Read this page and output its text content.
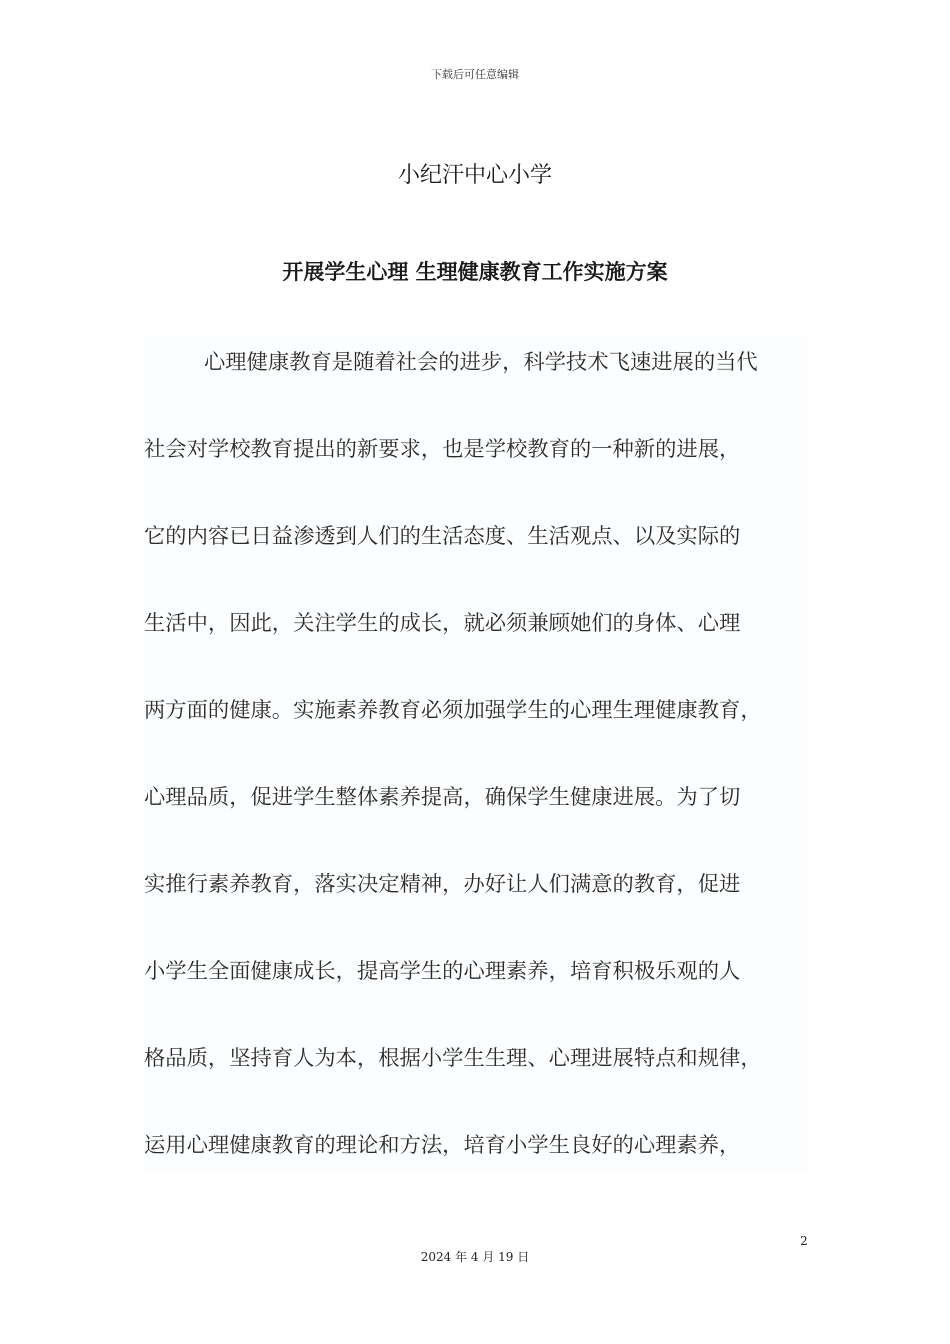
下载后可任意编辑
小纪汗中心小学
开展学生心理 生理健康教育工作实施方案
心理健康教育是随着社会的进步，科学技术飞速进展的当代
社会对学校教育提出的新要求，也是学校教育的一种新的进展，
它的内容已日益渗透到人们的生活态度、生活观点、以及实际的
生活中，因此，关注学生的成长，就必须兼顾她们的身体、心理
两方面的健康。实施素养教育必须加强学生的心理生理健康教育，
心理品质，促进学生整体素养提高，确保学生健康进展。为了切
实推行素养教育，落实决定精神，办好让人们满意的教育，促进
小学生全面健康成长，提高学生的心理素养，培育积极乐观的人
格品质，坚持育人为本，根据小学生生理、心理进展特点和规律，
运用心理健康教育的理论和方法，培育小学生良好的心理素养，
2
2024 年 4 月 19 日
